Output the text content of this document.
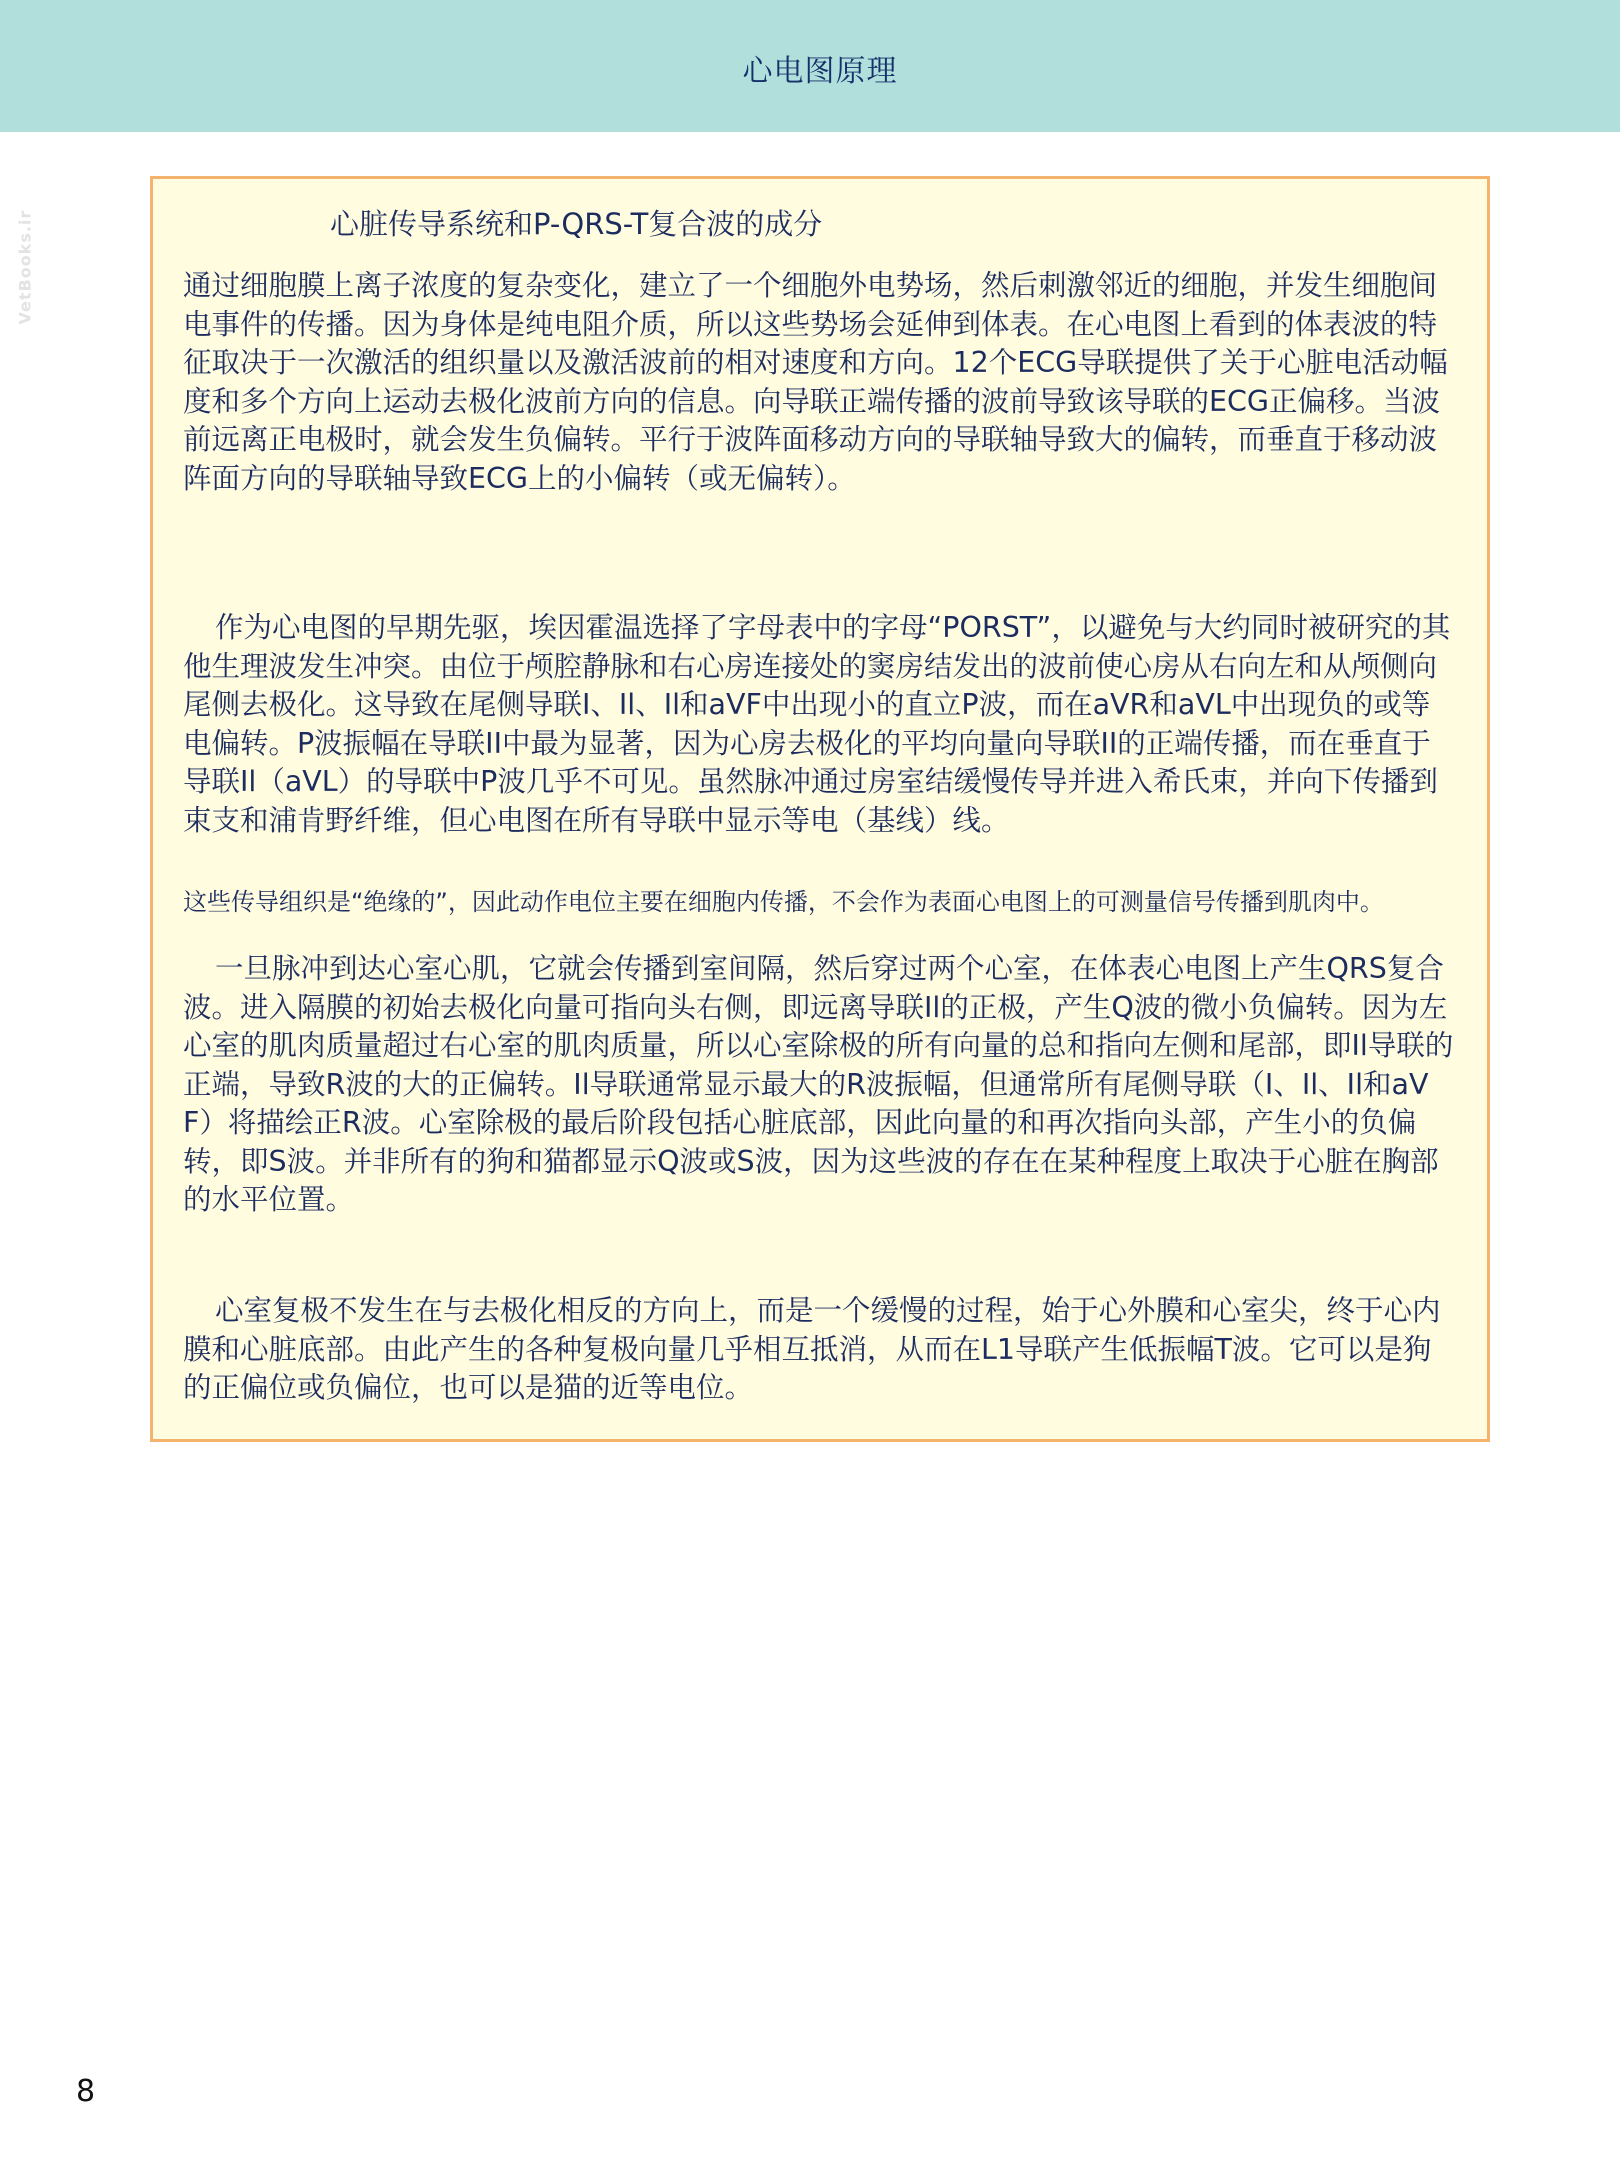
心电图原理
VetBooks.ir	心脏传导系统和P-QRS-T复合波的成分

通过细胞膜上离子浓度的复杂变化，建立了一个细胞外电势场，然后刺激邻近的细胞，并发生细胞间电事件的传播。因为身体是纯电阻介质，所以这些势场会延伸到体表。在心电图上看到的体表波的特征取决于一次激活的组织量以及激活波前的相对速度和方向。12个ECG导联提供了关于心脏电活动幅度和多个方向上运动去极化波前方向的信息。向导联正端传播的波前导致该导联的ECG正偏移。当波前远离正电极时，就会发生负偏转。平行于波阵面移动方向的导联轴导致大的偏转，而垂直于移动波阵面方向的导联轴导致ECG上的小偏转（或无偏转）。

作为心电图的早期先驱，埃因霍温选择了字母表中的字母“PORST”，以避免与大约同时被研究的其他生理波发生冲突。由位于颅腔静脉和右心房连接处的窦房结发出的波前使心房从右向左和从颅侧向尾侧去极化。这导致在尾侧导联I、Il、Il和aVF中出现小的直立P波，而在aVR和aVL中出现负的或等电偏转。P波振幅在导联II中最为显著，因为心房去极化的平均向量向导联II的正端传播，而在垂直于导联Il（aVL）的导联中P波几乎不可见。虽然脉冲通过房室结缓慢传导并进入希氏束，并向下传播到束支和浦肯野纤维，但心电图在所有导联中显示等电（基线）线。

这些传导组织是“绝缘的”，因此动作电位主要在细胞内传播，不会作为表面心电图上的可测量信号传播到肌肉中。

一旦脉冲到达心室心肌，它就会传播到室间隔，然后穿过两个心室，在体表心电图上产生QRS复合波。进入隔膜的初始去极化向量可指向头右侧，即远离导联Il的正极，产生Q波的微小负偏转。因为左心室的肌肉质量超过右心室的肌肉质量，所以心室除极的所有向量的总和指向左侧和尾部，即Il导联的正端，导致R波的大的正偏转。Il导联通常显示最大的R波振幅，但通常所有尾侧导联（I、Il、Il和aVF）将描绘正R波。心室除极的最后阶段包括心脏底部，因此向量的和再次指向头部，产生小的负偏转，即S波。并非所有的狗和猫都显示Q波或S波，因为这些波的存在在某种程度上取决于心脏在胸部的水平位置。

心室复极不发生在与去极化相反的方向上，而是一个缓慢的过程，始于心外膜和心室尖，终于心内膜和心脏底部。由此产生的各种复极向量几乎相互抵消，从而在L1导联产生低振幅T波。它可以是狗的正偏位或负偏位，也可以是猫的近等电位。

8
